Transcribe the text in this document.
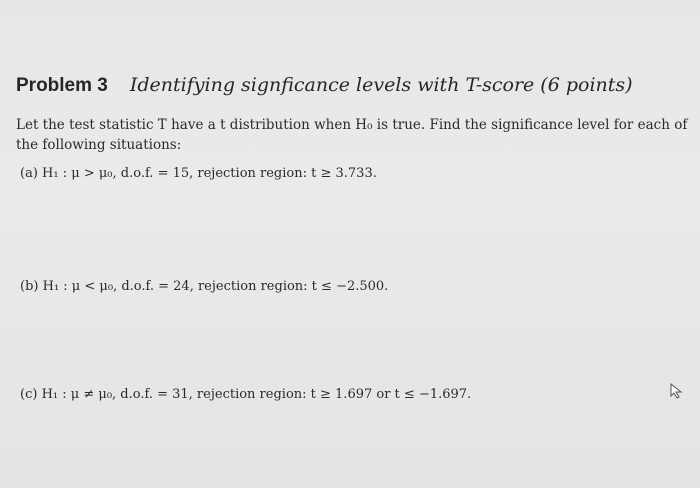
Problem 3 Identifying signficance levels with T-score (6 points)
Let the test statistic T have a t distribution when H₀ is true. Find the significance level for each of the following situations:
(a) H₁ : μ > μ₀, d.o.f. = 15, rejection region: t ≥ 3.733.
(b) H₁ : μ < μ₀, d.o.f. = 24, rejection region: t ≤ −2.500.
(c) H₁ : μ ≠ μ₀, d.o.f. = 31, rejection region: t ≥ 1.697 or t ≤ −1.697.
